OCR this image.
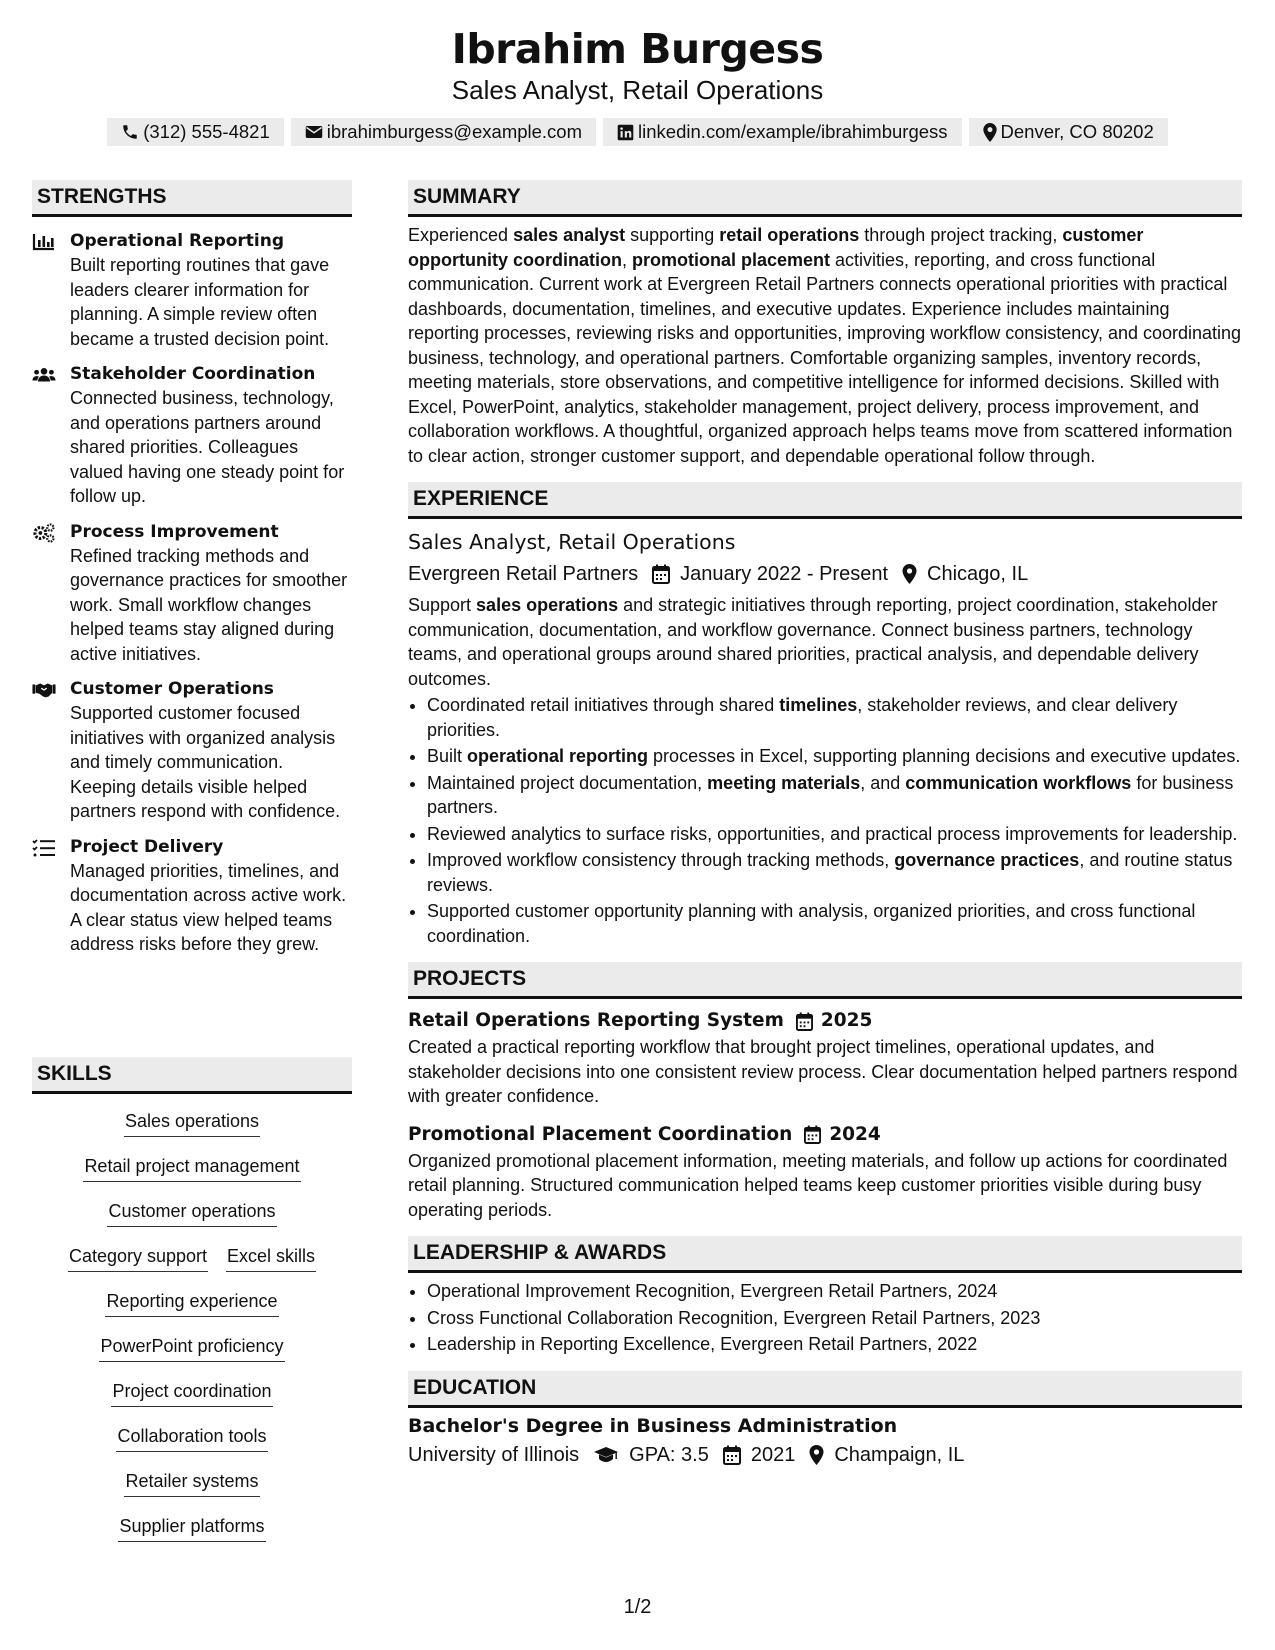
Ibrahim Burgess
Sales Analyst, Retail Operations
(312) 555-4821	ibrahimburgess@example.com	linkedin.com/example/ibrahimburgess	Denver, CO 80202
STRENGTHS
Operational Reporting
Built reporting routines that gave leaders clearer information for planning. A simple review often became a trusted decision point.
Stakeholder Coordination
Connected business, technology, and operations partners around shared priorities. Colleagues valued having one steady point for follow up.
Process Improvement
Refined tracking methods and governance practices for smoother work. Small workflow changes helped teams stay aligned during active initiatives.
Customer Operations
Supported customer focused initiatives with organized analysis and timely communication. Keeping details visible helped partners respond with confidence.
Project Delivery
Managed priorities, timelines, and documentation across active work. A clear status view helped teams address risks before they grew.
SKILLS
Sales operations
Retail project management
Customer operations
Category support Excel skills
Reporting experience
PowerPoint proficiency
Project coordination
Collaboration tools
Retailer systems
Supplier platforms
SUMMARY
Experienced sales analyst supporting retail operations through project tracking, customer opportunity coordination, promotional placement activities, reporting, and cross functional communication. Current work at Evergreen Retail Partners connects operational priorities with practical dashboards, documentation, timelines, and executive updates. Experience includes maintaining reporting processes, reviewing risks and opportunities, improving workflow consistency, and coordinating business, technology, and operational partners. Comfortable organizing samples, inventory records, meeting materials, store observations, and competitive intelligence for informed decisions. Skilled with Excel, PowerPoint, analytics, stakeholder management, project delivery, process improvement, and collaboration workflows. A thoughtful, organized approach helps teams move from scattered information to clear action, stronger customer support, and dependable operational follow through.
EXPERIENCE
Sales Analyst, Retail Operations
Evergreen Retail Partners January 2022 - Present Chicago, IL
Support sales operations and strategic initiatives through reporting, project coordination, stakeholder communication, documentation, and workflow governance. Connect business partners, technology teams, and operational groups around shared priorities, practical analysis, and dependable delivery outcomes.
• Coordinated retail initiatives through shared timelines, stakeholder reviews, and clear delivery priorities.
• Built operational reporting processes in Excel, supporting planning decisions and executive updates.
• Maintained project documentation, meeting materials, and communication workflows for business partners.
• Reviewed analytics to surface risks, opportunities, and practical process improvements for leadership.
• Improved workflow consistency through tracking methods, governance practices, and routine status reviews.
• Supported customer opportunity planning with analysis, organized priorities, and cross functional coordination.
PROJECTS
Retail Operations Reporting System 2025
Created a practical reporting workflow that brought project timelines, operational updates, and stakeholder decisions into one consistent review process. Clear documentation helped partners respond with greater confidence.
Promotional Placement Coordination 2024
Organized promotional placement information, meeting materials, and follow up actions for coordinated retail planning. Structured communication helped teams keep customer priorities visible during busy operating periods.
LEADERSHIP & AWARDS
• Operational Improvement Recognition, Evergreen Retail Partners, 2024
• Cross Functional Collaboration Recognition, Evergreen Retail Partners, 2023
• Leadership in Reporting Excellence, Evergreen Retail Partners, 2022
EDUCATION
Bachelor's Degree in Business Administration
University of Illinois	GPA: 3.5 2021 Champaign, IL
1/2
